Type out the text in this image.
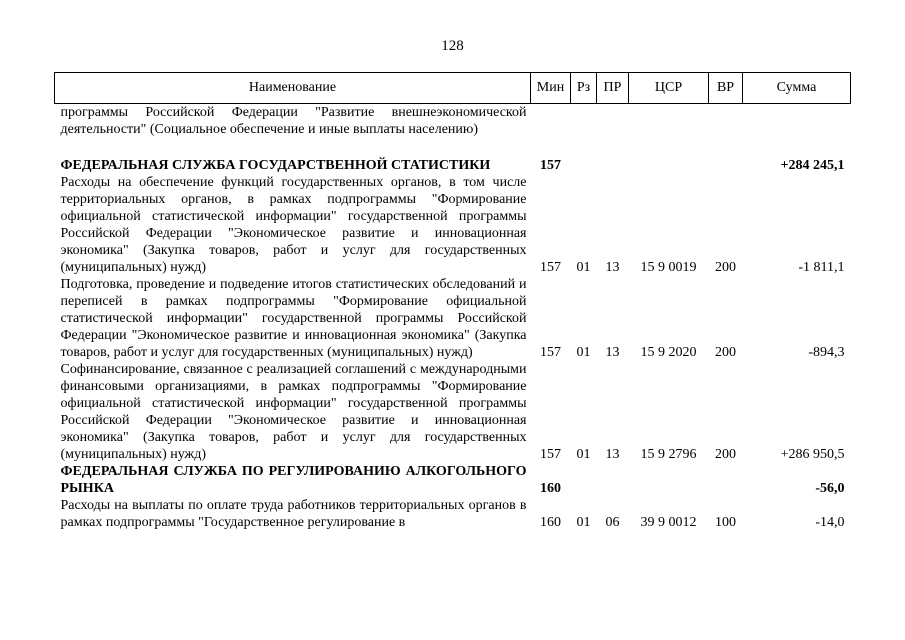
128
Наименование	Мин	Рз	ПР	ЦСР	ВР	Сумма

программы Российской Федерации "Развитие внешнеэкономической деятельности" (Социальное обеспечение и иные выплаты населению)						

ФЕДЕРАЛЬНАЯ СЛУЖБА ГОСУДАРСТВЕННОЙ СТАТИСТИКИ	157					+284 245,1

Расходы на обеспечение функций государственных органов, в том числе территориальных органов, в рамках подпрограммы "Формирование официальной статистической информации" государственной программы Российской Федерации "Экономическое развитие и инновационная экономика" (Закупка товаров, работ и услуг для государственных (муниципальных) нужд)	157	01	13	15 9 0019	200	-1 811,1

Подготовка, проведение и подведение итогов статистических обследований и переписей в рамках подпрограммы "Формирование официальной статистической информации" государственной программы Российской Федерации "Экономическое развитие и инновационная экономика" (Закупка товаров, работ и услуг для государственных (муниципальных) нужд)	157	01	13	15 9 2020	200	-894,3

Софинансирование, связанное с реализацией соглашений с международными финансовыми организациями, в рамках подпрограммы "Формирование официальной статистической информации" государственной программы Российской Федерации "Экономическое развитие и инновационная экономика" (Закупка товаров, работ и услуг для государственных (муниципальных) нужд)	157	01	13	15 9 2796	200	+286 950,5

ФЕДЕРАЛЬНАЯ СЛУЖБА ПО РЕГУЛИРОВАНИЮ АЛКОГОЛЬНОГО РЫНКА	160					-56,0

Расходы на выплаты по оплате труда работников территориальных органов в рамках подпрограммы "Государственное регулирование в	160	01	06	39 9 0012	100	-14,0
